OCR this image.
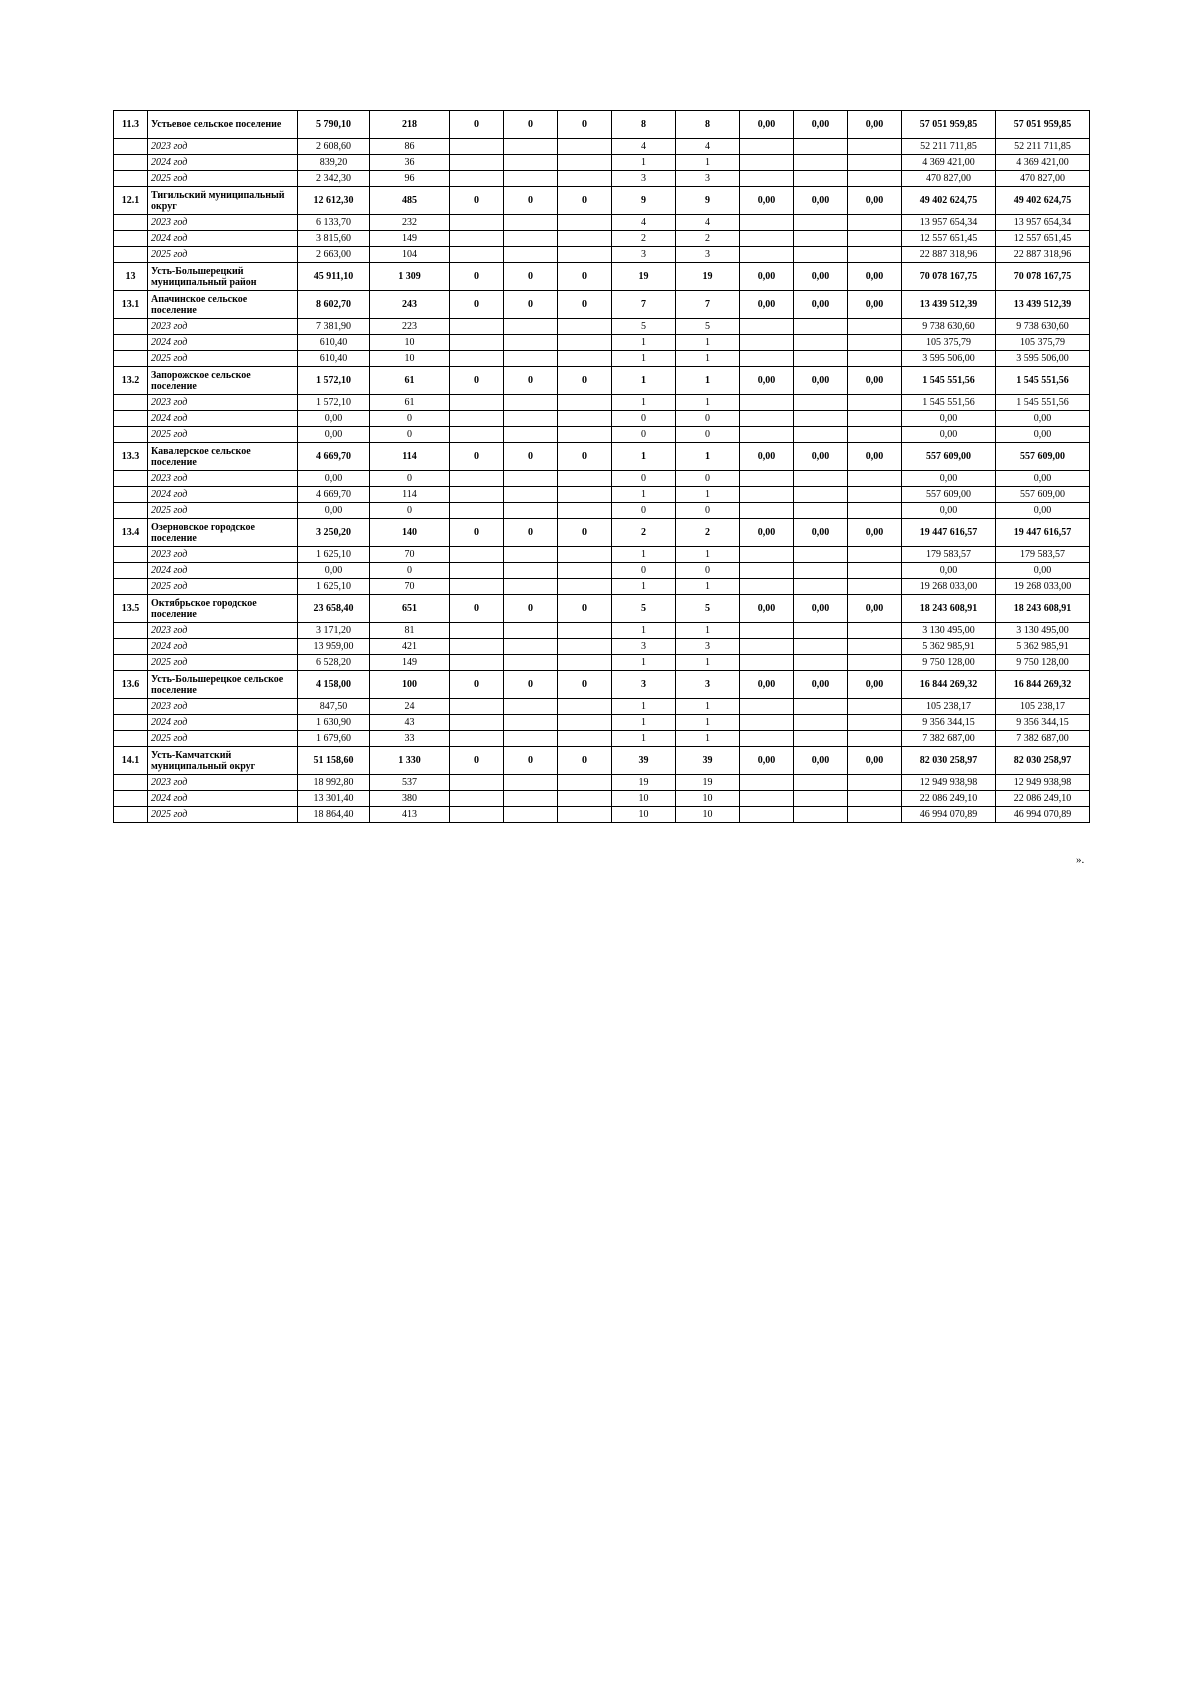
11.3	Устьевое сельское поселение	5 790,10	218	0	0	0	8	8	0,00	0,00	0,00	57 051 959,85	57 051 959,85
	2023 год	2 608,60	86				4	4				52 211 711,85	52 211 711,85
	2024 год	839,20	36				1	1				4 369 421,00	4 369 421,00
	2025 год	2 342,30	96				3	3				470 827,00	470 827,00
12.1	Тигильский муниципальный округ	12 612,30	485	0	0	0	9	9	0,00	0,00	0,00	49 402 624,75	49 402 624,75
	2023 год	6 133,70	232				4	4				13 957 654,34	13 957 654,34
	2024 год	3 815,60	149				2	2				12 557 651,45	12 557 651,45
	2025 год	2 663,00	104				3	3				22 887 318,96	22 887 318,96
13	Усть-Большерецкий муниципальный район	45 911,10	1 309	0	0	0	19	19	0,00	0,00	0,00	70 078 167,75	70 078 167,75
13.1	Апачинское сельское поселение	8 602,70	243	0	0	0	7	7	0,00	0,00	0,00	13 439 512,39	13 439 512,39
	2023 год	7 381,90	223				5	5				9 738 630,60	9 738 630,60
	2024 год	610,40	10				1	1				105 375,79	105 375,79
	2025 год	610,40	10				1	1				3 595 506,00	3 595 506,00
13.2	Запорожское сельское поселение	1 572,10	61	0	0	0	1	1	0,00	0,00	0,00	1 545 551,56	1 545 551,56
	2023 год	1 572,10	61				1	1				1 545 551,56	1 545 551,56
	2024 год	0,00	0				0	0				0,00	0,00
	2025 год	0,00	0				0	0				0,00	0,00
13.3	Кавалерское сельское поселение	4 669,70	114	0	0	0	1	1	0,00	0,00	0,00	557 609,00	557 609,00
	2023 год	0,00	0				0	0				0,00	0,00
	2024 год	4 669,70	114				1	1				557 609,00	557 609,00
	2025 год	0,00	0				0	0				0,00	0,00
13.4	Озерновское городское поселение	3 250,20	140	0	0	0	2	2	0,00	0,00	0,00	19 447 616,57	19 447 616,57
	2023 год	1 625,10	70				1	1				179 583,57	179 583,57
	2024 год	0,00	0				0	0				0,00	0,00
	2025 год	1 625,10	70				1	1				19 268 033,00	19 268 033,00
13.5	Октябрьское городское поселение	23 658,40	651	0	0	0	5	5	0,00	0,00	0,00	18 243 608,91	18 243 608,91
	2023 год	3 171,20	81				1	1				3 130 495,00	3 130 495,00
	2024 год	13 959,00	421				3	3				5 362 985,91	5 362 985,91
	2025 год	6 528,20	149				1	1				9 750 128,00	9 750 128,00
13.6	Усть-Большерецкое сельское поселение	4 158,00	100	0	0	0	3	3	0,00	0,00	0,00	16 844 269,32	16 844 269,32
	2023 год	847,50	24				1	1				105 238,17	105 238,17
	2024 год	1 630,90	43				1	1				9 356 344,15	9 356 344,15
	2025 год	1 679,60	33				1	1				7 382 687,00	7 382 687,00
14.1	Усть-Камчатский муниципальный округ	51 158,60	1 330	0	0	0	39	39	0,00	0,00	0,00	82 030 258,97	82 030 258,97
	2023 год	18 992,80	537				19	19				12 949 938,98	12 949 938,98
	2024 год	13 301,40	380				10	10				22 086 249,10	22 086 249,10
	2025 год	18 864,40	413				10	10				46 994 070,89	46 994 070,89
».
